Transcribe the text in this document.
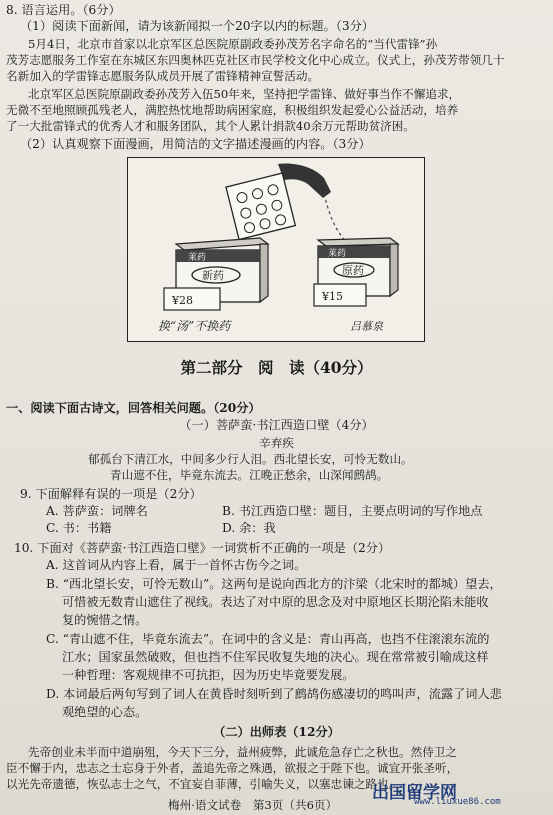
8. 语言运用。（6分）
（1）阅读下面新闻，请为该新闻拟一个20字以内的标题。（3分）
5月4日，北京市首家以北京军区总医院原副政委孙茂芳名字命名的“当代雷锋”孙
茂芳志愿服务工作室在东城区东四奥林匹克社区市民学校文化中心成立。仪式上，孙茂芳带领几十
名新加入的学雷锋志愿服务队成员开展了雷锋精神宣誓活动。
北京军区总医院原副政委孙茂芳入伍50年来，坚持把学雷锋、做好事当作不懈追求，
无微不至地照顾孤残老人，满腔热忱地帮助病困家庭，积极组织发起爱心公益活动，培养
了一大批雷锋式的优秀人才和服务团队，其个人累计捐款40余万元帮助贫济困。
（2）认真观察下面漫画，用简洁的文字描述漫画的内容。（3分）
莱药
新药
¥28
莱药
原药
¥15
换“汤”不换药	吕慕泉
第二部分　阅　读（40分）
一、阅读下面古诗文，回答相关问题。（20分）
（一）菩萨蛮·书江西造口壁（4分）
辛弃疾
郁孤台下清江水，中间多少行人泪。西北望长安，可怜无数山。
青山遮不住，毕竟东流去。江晚正愁余，山深闻鹧鸪。
9. 下面解释有误的一项是（2分）
A. 菩萨蛮：词牌名	B. 书江西造口壁：题目，主要点明词的写作地点
C. 书：书籍	D. 余：我
10. 下面对《菩萨蛮·书江西造口壁》一词赏析不正确的一项是（2分）
A. 这首词从内容上看，属于一首怀古伤今之词。
B. “西北望长安，可怜无数山”。这两句是说向西北方的汴梁（北宋时的都城）望去，
可惜被无数青山遮住了视线。表达了对中原的思念及对中原地区长期沦陷未能收
复的惋惜之情。
C. “青山遮不住，毕竟东流去”。在词中的含义是：青山再高，也挡不住滚滚东流的
江水；国家虽然破败，但也挡不住军民收复失地的决心。现在常常被引喻成这样
一种哲理：客观规律不可抗拒，因为历史毕竟要发展。
D. 本词最后两句写到了词人在黄昏时刻听到了鹧鸪伤感凄切的鸣叫声，流露了词人悲
观绝望的心态。
（二）出师表（12分）
先帝创业未半而中道崩殂，今天下三分，益州疲弊，此诚危急存亡之秋也。然侍卫之
臣不懈于内，忠志之士忘身于外者，盖追先帝之殊遇，欲报之于陛下也。诚宜开张圣听，
以光先帝遗德，恢弘志士之气，不宜妄自菲薄，引喻失义，以塞忠谏之路也。
梅州·语文试卷　第3页（共6页）
出国留学网
www.liuxue86.com
